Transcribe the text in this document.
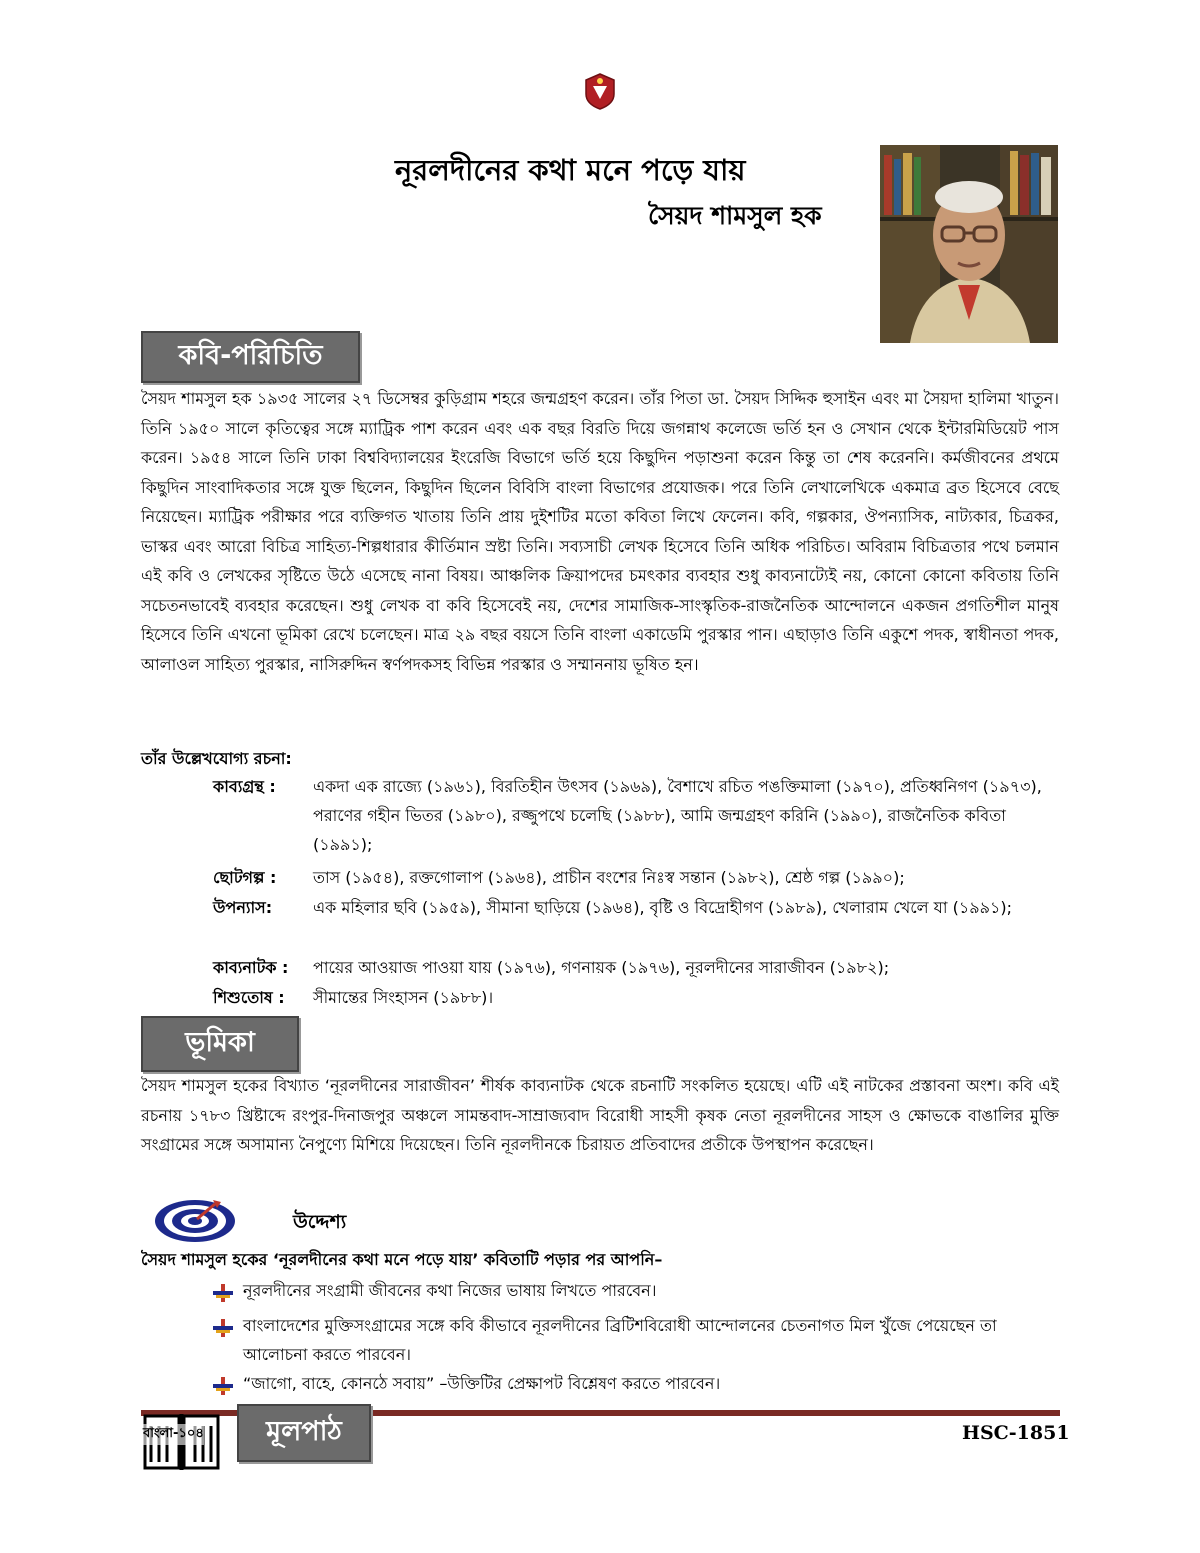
নূরলদীনের কথা মনে পড়ে যায়
সৈয়দ শামসুল হক
কবি-পরিচিতি

সৈয়দ শামসুল হক ১৯৩৫ সালের ২৭ ডিসেম্বর কুড়িগ্রাম শহরে জন্মগ্রহণ করেন। তাঁর পিতা ডা. সৈয়দ সিদ্দিক হুসাইন এবং মা সৈয়দা হালিমা খাতুন। তিনি ১৯৫০ সালে কৃতিত্বের সঙ্গে ম্যাট্রিক পাশ করেন এবং এক বছর বিরতি দিয়ে জগন্নাথ কলেজে ভর্তি হন ও সেখান থেকে ইন্টারমিডিয়েট পাস করেন। ১৯৫৪ সালে তিনি ঢাকা বিশ্ববিদ্যালয়ের ইংরেজি বিভাগে ভর্তি হয়ে কিছুদিন পড়াশুনা করেন কিন্তু তা শেষ করেননি। কর্মজীবনের প্রথমে কিছুদিন সাংবাদিকতার সঙ্গে যুক্ত ছিলেন, কিছুদিন ছিলেন বিবিসি বাংলা বিভাগের প্রযোজক। পরে তিনি লেখালেখিকে একমাত্র ব্রত হিসেবে বেছে নিয়েছেন। ম্যাট্রিক পরীক্ষার পরে ব্যক্তিগত খাতায় তিনি প্রায় দুইশটির মতো কবিতা লিখে ফেলেন। কবি, গল্পকার, ঔপন্যাসিক, নাট্যকার, চিত্রকর, ভাস্কর এবং আরো বিচিত্র সাহিত্য-শিল্পধারার কীর্তিমান স্রষ্টা তিনি। সব্যসাচী লেখক হিসেবে তিনি অধিক পরিচিত। অবিরাম বিচিত্রতার পথে চলমান এই কবি ও লেখকের সৃষ্টিতে উঠে এসেছে নানা বিষয়। আঞ্চলিক ক্রিয়াপদের চমৎকার ব্যবহার শুধু কাব্যনাট্যেই নয়, কোনো কোনো কবিতায় তিনি সচেতনভাবেই ব্যবহার করেছেন। শুধু লেখক বা কবি হিসেবেই নয়, দেশের সামাজিক-সাংস্কৃতিক-রাজনৈতিক আন্দোলনে একজন প্রগতিশীল মানুষ হিসেবে তিনি এখনো ভূমিকা রেখে চলেছেন। মাত্র ২৯ বছর বয়সে তিনি বাংলা একাডেমি পুরস্কার পান। এছাড়াও তিনি একুশে পদক, স্বাধীনতা পদক, আলাওল সাহিত্য পুরস্কার, নাসিরুদ্দিন স্বর্ণপদকসহ বিভিন্ন পরস্কার ও সম্মাননায় ভূষিত হন।

তাঁর উল্লেখযোগ্য রচনা:
কাব্যগ্রন্থ :	একদা এক রাজ্যে (১৯৬১), বিরতিহীন উৎসব (১৯৬৯), বৈশাখে রচিত পঙক্তিমালা (১৯৭০), প্রতিধ্বনিগণ (১৯৭৩), পরাণের গহীন ভিতর (১৯৮০), রজ্জুপথে চলেছি (১৯৮৮), আমি জন্মগ্রহণ করিনি (১৯৯০), রাজনৈতিক কবিতা (১৯৯১);
ছোটগল্প :	তাস (১৯৫৪), রক্তগোলাপ (১৯৬৪), প্রাচীন বংশের নিঃস্ব সন্তান (১৯৮২), শ্রেষ্ঠ গল্প (১৯৯০);
উপন্যাস:	এক মহিলার ছবি (১৯৫৯), সীমানা ছাড়িয়ে (১৯৬৪), বৃষ্টি ও বিদ্রোহীগণ (১৯৮৯), খেলারাম খেলে যা (১৯৯১);
কাব্যনাটক :	পায়ের আওয়াজ পাওয়া যায় (১৯৭৬), গণনায়ক (১৯৭৬), নূরলদীনের সারাজীবন (১৯৮২);
শিশুতোষ :	সীমান্তের সিংহাসন (১৯৮৮)।
ভূমিকা

সৈয়দ শামসুল হকের বিখ্যাত ‘নূরলদীনের সারাজীবন’ শীর্ষক কাব্যনাটক থেকে রচনাটি সংকলিত হয়েছে। এটি এই নাটকের প্রস্তাবনা অংশ। কবি এই রচনায় ১৭৮৩ খ্রিষ্টাব্দে রংপুর-দিনাজপুর অঞ্চলে সামন্তবাদ-সাম্রাজ্যবাদ বিরোধী সাহসী কৃষক নেতা নূরলদীনের সাহস ও ক্ষোভকে বাঙালির মুক্তি সংগ্রামের সঙ্গে অসামান্য নৈপুণ্যে মিশিয়ে দিয়েছেন। তিনি নূরলদীনকে চিরায়ত প্রতিবাদের প্রতীকে উপস্থাপন করেছেন।

উদ্দেশ্য
সৈয়দ শামসুল হকের ‘নূরলদীনের কথা মনে পড়ে যায়’ কবিতাটি পড়ার পর আপনি–
নূরলদীনের সংগ্রামী জীবনের কথা নিজের ভাষায় লিখতে পারবেন।
বাংলাদেশের মুক্তিসংগ্রামের সঙ্গে কবি কীভাবে নূরলদীনের ব্রিটিশবিরোধী আন্দোলনের চেতনাগত মিল খুঁজে পেয়েছেন তা আলোচনা করতে পারবেন।
“জাগো, বাহে, কোনঠে সবায়” –উক্তিটির প্রেক্ষাপট বিশ্লেষণ করতে পারবেন।
বাংলা-১০৪	মূলপাঠ	HSC-1851
